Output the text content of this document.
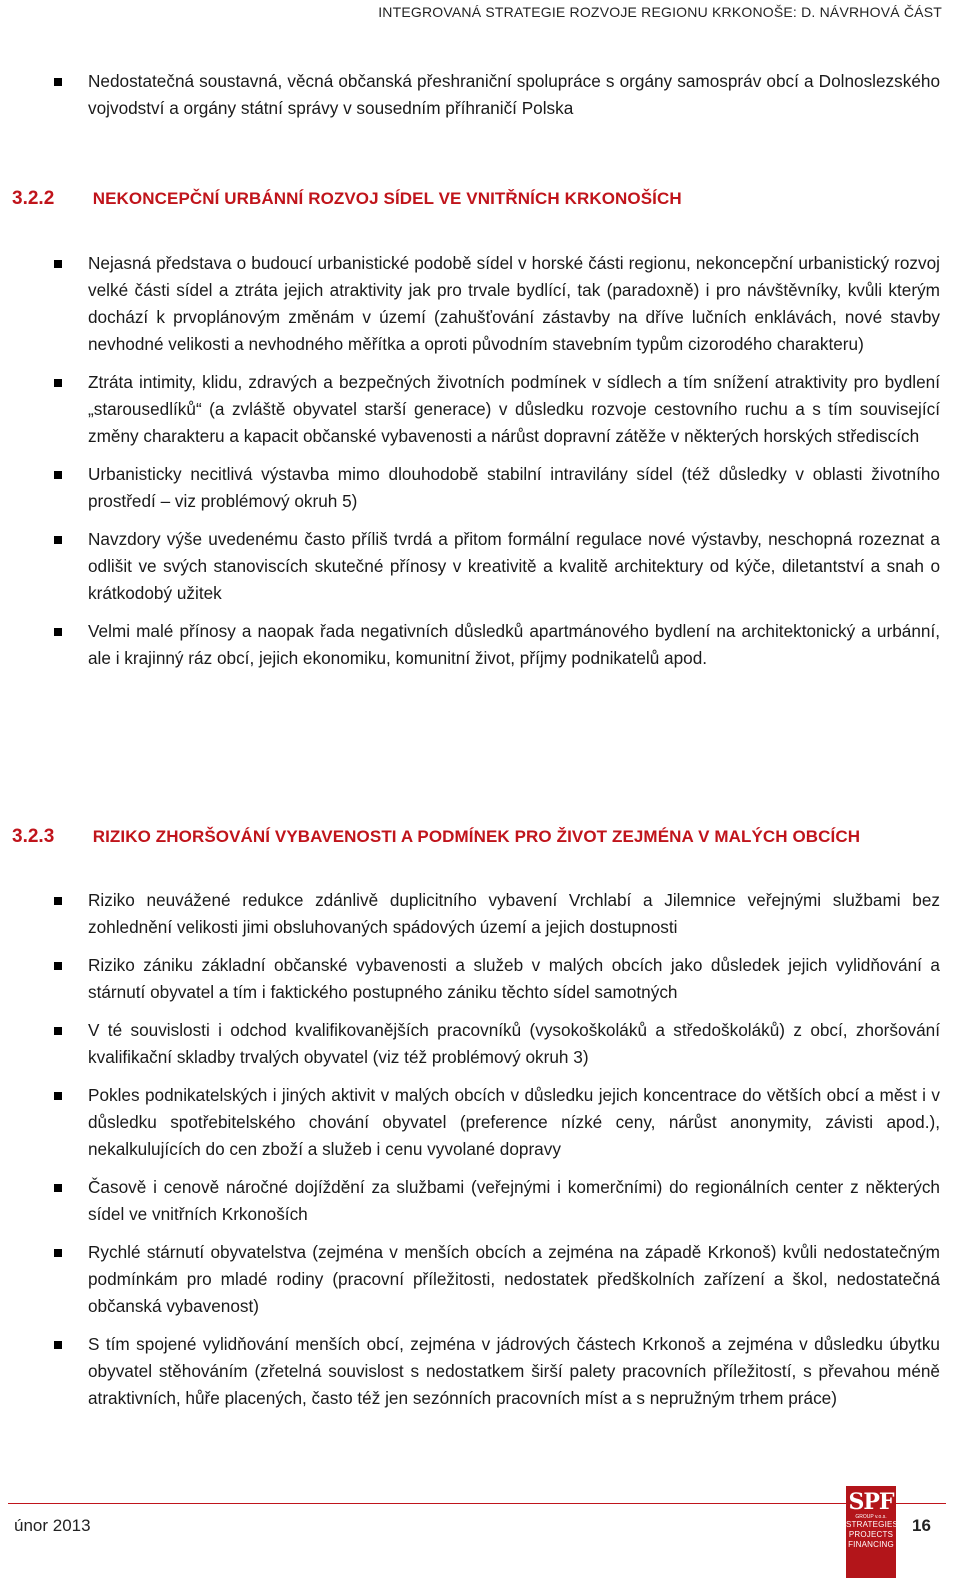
INTEGROVANÁ STRATEGIE ROZVOJE REGIONU KRKONOŠE: D. NÁVRHOVÁ ČÁST
Nedostatečná soustavná, věcná občanská přeshraniční spolupráce s orgány samospráv obcí a Dolnoslezského vojvodství a orgány státní správy v sousedním příhraničí Polska
3.2.2 NEKONCEPČNÍ URBÁNNÍ ROZVOJ SÍDEL VE VNITŘNÍCH KRKONOŠÍCH
Nejasná představa o budoucí urbanistické podobě sídel v horské části regionu, nekoncepční urbanistický rozvoj velké části sídel a ztráta jejich atraktivity jak pro trvale bydlící, tak (paradoxně) i pro návštěvníky, kvůli kterým dochází k prvoplánovým změnám v území (zahušťování zástavby na dříve lučních enklávách, nové stavby nevhodné velikosti a nevhodného měřítka a oproti původním stavebním typům cizorodého charakteru)
Ztráta intimity, klidu, zdravých a bezpečných životních podmínek v sídlech a tím snížení atraktivity pro bydlení „starousedlíků“ (a zvláště obyvatel starší generace) v důsledku rozvoje cestovního ruchu a s tím související změny charakteru a kapacit občanské vybavenosti a nárůst dopravní zátěže v některých horských střediscích
Urbanisticky necitlivá výstavba mimo dlouhodobě stabilní intravilány sídel (též důsledky v oblasti životního prostředí – viz problémový okruh 5)
Navzdory výše uvedenému často příliš tvrdá a přitom formální regulace nové výstavby, neschopná rozeznat a odlišit ve svých stanoviscích skutečné přínosy v kreativitě a kvalitě architektury od kýče, diletantství a snah o krátkodobý užitek
Velmi malé přínosy a naopak řada negativních důsledků apartmánového bydlení na architektonický a urbánní, ale i krajinný ráz obcí, jejich ekonomiku, komunitní život, příjmy podnikatelů apod.
3.2.3 RIZIKO ZHORŠOVÁNÍ VYBAVENOSTI A PODMÍNEK PRO ŽIVOT ZEJMÉNA V MALÝCH OBCÍCH
Riziko neuvážené redukce zdánlivě duplicitního vybavení Vrchlabí a Jilemnice veřejnými službami bez zohlednění velikosti jimi obsluhovaných spádových území a jejich dostupnosti
Riziko zániku základní občanské vybavenosti a služeb v malých obcích jako důsledek jejich vylidňování a stárnutí obyvatel a tím i faktického postupného zániku těchto sídel samotných
V té souvislosti i odchod kvalifikovanějších pracovníků (vysokoškoláků a středoškoláků) z obcí, zhoršování kvalifikační skladby trvalých obyvatel (viz též problémový okruh 3)
Pokles podnikatelských i jiných aktivit v malých obcích v důsledku jejich koncentrace do větších obcí a měst i v důsledku spotřebitelského chování obyvatel (preference nízké ceny, nárůst anonymity, závisti apod.), nekalkulujících do cen zboží a služeb i cenu vyvolané dopravy
Časově i cenově náročné dojíždění za službami (veřejnými i komerčními) do regionálních center z některých sídel ve vnitřních Krkonoších
Rychlé stárnutí obyvatelstva (zejména v menších obcích a zejména na západě Krkonoš) kvůli nedostatečným podmínkám pro mladé rodiny (pracovní příležitosti, nedostatek předškolních zařízení a škol, nedostatečná občanská vybavenost)
S tím spojené vylidňování menších obcí, zejména v jádrových částech Krkonoš a zejména v důsledku úbytku obyvatel stěhováním (zřetelná souvislost s nedostatkem širší palety pracovních příležitostí, s převahou méně atraktivních, hůře placených, často též jen sezónních pracovních míst a s nepružným trhem práce)
únor 2013	16
SPF
GROUP v.o.s.
STRATEGIES
PROJECTS
FINANCING
